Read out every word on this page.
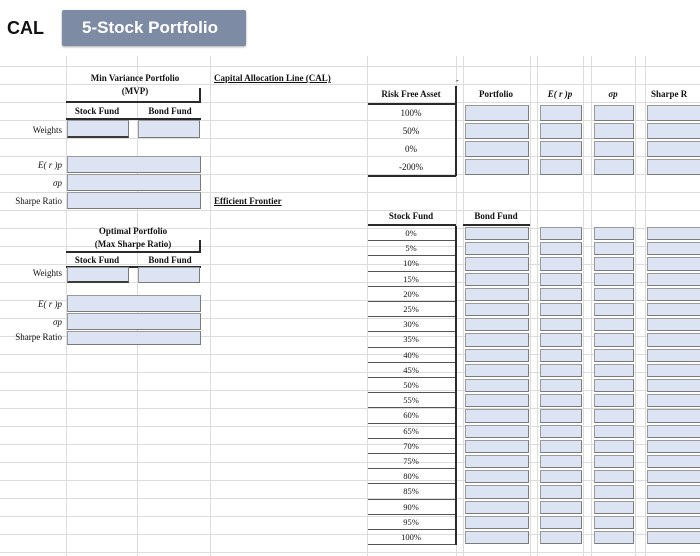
CAL	5-Stock Portfolio
Min Variance Portfolio
(MVP)
Stock Fund	Bond Fund
Weights
E( r )p
σp
Sharpe Ratio
Optimal Portfolio
(Max Sharpe Ratio)
Stock Fund	Bond Fund
Weights
E( r )p
σp
Sharpe Ratio
Capital Allocation Line (CAL)	-
Risk Free Asset	Portfolio	E( r )p	σp	Sharpe R
100%
50%
0%
-200%
Efficient Frontier
Stock Fund	Bond Fund
0%
5%
10%
15%
20%
25%
30%
35%
40%
45%
50%
55%
60%
65%
70%
75%
80%
85%
90%
95%
100%
